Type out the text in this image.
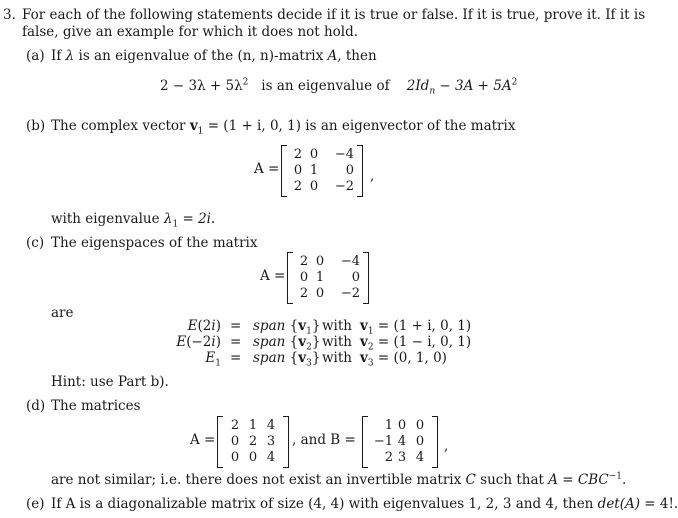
3. For each of the following statements decide if it is true or false. If it is true, prove it. If it is
false, give an example for which it does not hold.
(a) If λ is an eigenvalue of the (n, n)-matrix A, then
$2 - 3\lambda + 5\lambda^2$ is an eigenvalue of $2Id_n - 3A + 5A^2$
(b) The complex vector $v_1 = (1 + i$, 0, 1) is an eigenvector of the matrix
A =
2 0	−4
0 1	0
2 0	−2
,
with eigenvalue $\lambda_1 = 2i$.
(c) The eigenspaces of the matrix
A =
2 0	−4
0 1	0
2 0	−2
are
E(2i) = span $\{v_1\}$ with $v_1 = (1 + i$, 0, 1)
E(−2i) = span $\{v_2\}$ with $v_2 = (1 - i$, 0, 1)
$E_1$ = span $\{v_3\}$ with $v_3 = (0$, 1, 0)
Hint: use Part b).
(d) The matrices
A =
2 1 4
0 2 3
0 0 4
, and B =
1 0 0
−1 4 0
2 3 4
,
are not similar; i.e. there does not exist an invertible matrix C such that $A = CBC^{-1}$.
(e) If A is a diagonalizable matrix of size (4, 4) with eigenvalues 1, 2, 3 and 4, then det(A) = 4!.
